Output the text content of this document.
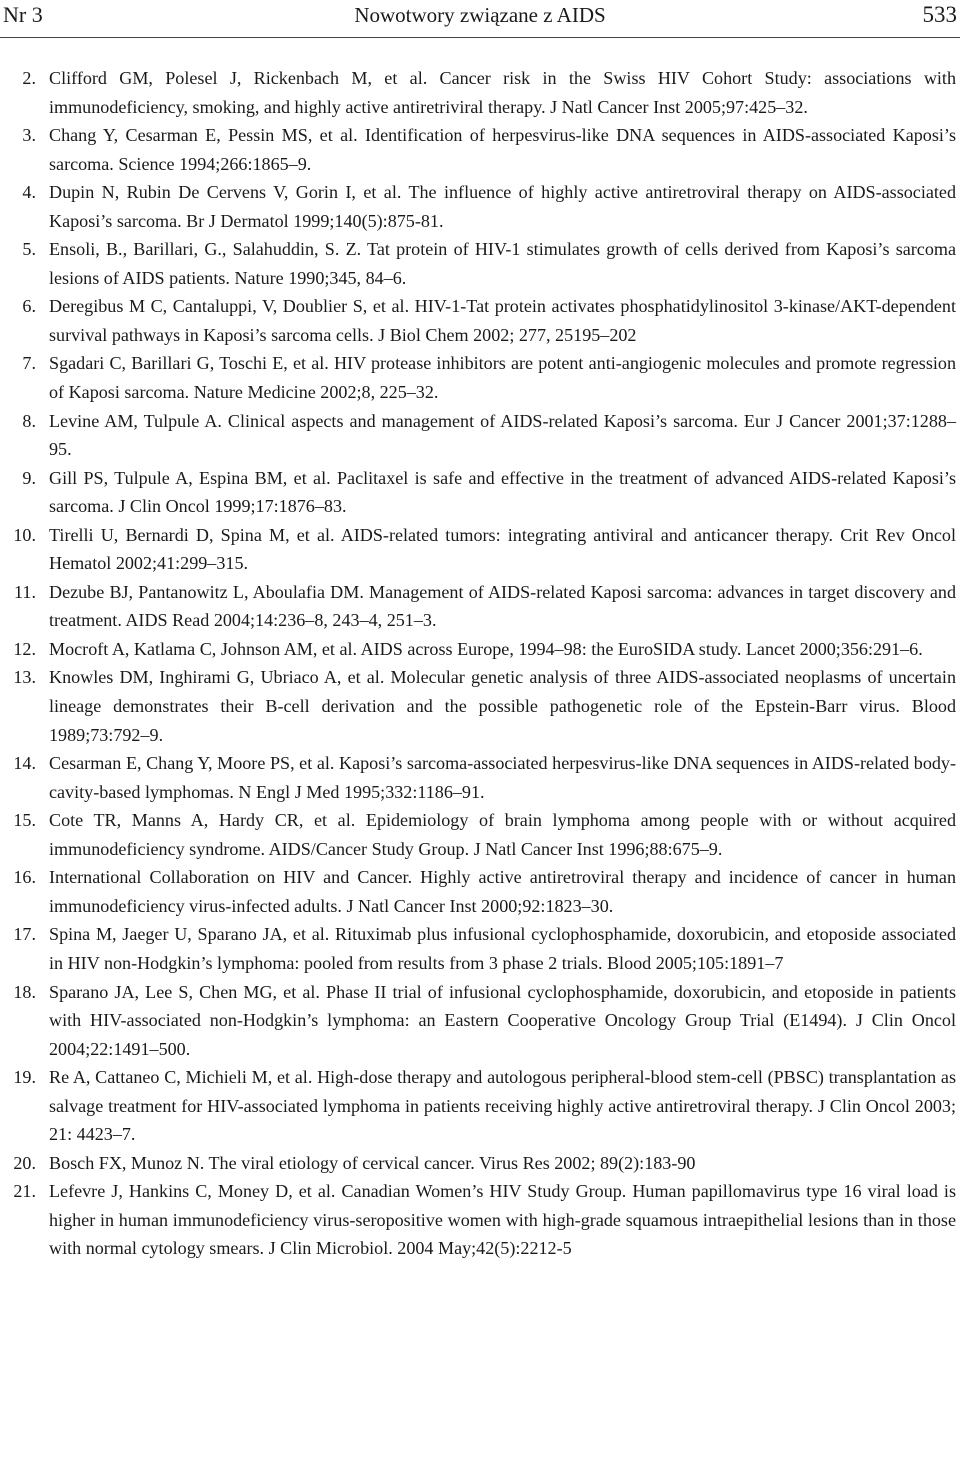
Nr 3	Nowotwory związane z AIDS	533
2. Clifford GM, Polesel J, Rickenbach M, et al. Cancer risk in the Swiss HIV Cohort Study: associations with immunodeficiency, smoking, and highly active antiretriviral therapy. J Natl Cancer Inst 2005;97:425–32.
3. Chang Y, Cesarman E, Pessin MS, et al. Identification of herpesvirus-like DNA sequences in AIDS-associated Kaposi’s sarcoma. Science 1994;266:1865–9.
4. Dupin N, Rubin De Cervens V, Gorin I, et al. The influence of highly active antiretroviral therapy on AIDS-associated Kaposi’s sarcoma. Br J Dermatol 1999;140(5):875-81.
5. Ensoli, B., Barillari, G., Salahuddin, S. Z. Tat protein of HIV-1 stimulates growth of cells derived from Kaposi’s sarcoma lesions of AIDS patients. Nature 1990;345, 84–6.
6. Deregibus M C, Cantaluppi, V, Doublier S, et al. HIV-1-Tat protein activates phosphatidylinositol 3-kinase/AKT-dependent survival pathways in Kaposi’s sarcoma cells. J Biol Chem 2002; 277, 25195–202
7. Sgadari C, Barillari G, Toschi E, et al. HIV protease inhibitors are potent anti-angiogenic molecules and promote regression of Kaposi sarcoma. Nature Medicine 2002;8, 225–32.
8. Levine AM, Tulpule A. Clinical aspects and management of AIDS-related Kaposi’s sarcoma. Eur J Cancer 2001;37:1288–95.
9. Gill PS, Tulpule A, Espina BM, et al. Paclitaxel is safe and effective in the treatment of advanced AIDS-related Kaposi’s sarcoma. J Clin Oncol 1999;17:1876–83.
10. Tirelli U, Bernardi D, Spina M, et al. AIDS-related tumors: integrating antiviral and anticancer therapy. Crit Rev Oncol Hematol 2002;41:299–315.
11. Dezube BJ, Pantanowitz L, Aboulafia DM. Management of AIDS-related Kaposi sarcoma: advances in target discovery and treatment. AIDS Read 2004;14:236–8, 243–4, 251–3.
12. Mocroft A, Katlama C, Johnson AM, et al. AIDS across Europe, 1994–98: the EuroSIDA study. Lancet 2000;356:291–6.
13. Knowles DM, Inghirami G, Ubriaco A, et al. Molecular genetic analysis of three AIDS-associated neoplasms of uncertain lineage demonstrates their B-cell derivation and the possible pathogenetic role of the Epstein-Barr virus. Blood 1989;73:792–9.
14. Cesarman E, Chang Y, Moore PS, et al. Kaposi’s sarcoma-associated herpesvirus-like DNA sequences in AIDS-related body-cavity-based lymphomas. N Engl J Med 1995;332:1186–91.
15. Cote TR, Manns A, Hardy CR, et al. Epidemiology of brain lymphoma among people with or without acquired immunodeficiency syndrome. AIDS/Cancer Study Group. J Natl Cancer Inst 1996;88:675–9.
16. International Collaboration on HIV and Cancer. Highly active antiretroviral therapy and incidence of cancer in human immunodeficiency virus-infected adults. J Natl Cancer Inst 2000;92:1823–30.
17. Spina M, Jaeger U, Sparano JA, et al. Rituximab plus infusional cyclophosphamide, doxorubicin, and etoposide associated in HIV non-Hodgkin’s lymphoma: pooled from results from 3 phase 2 trials. Blood 2005;105:1891–7
18. Sparano JA, Lee S, Chen MG, et al. Phase II trial of infusional cyclophosphamide, doxorubicin, and etoposide in patients with HIV-associated non-Hodgkin’s lymphoma: an Eastern Cooperative Oncology Group Trial (E1494). J Clin Oncol 2004;22:1491–500.
19. Re A, Cattaneo C, Michieli M, et al. High-dose therapy and autologous peripheral-blood stem-cell (PBSC) transplantation as salvage treatment for HIV-associated lymphoma in patients receiving highly active antiretroviral therapy. J Clin Oncol 2003; 21: 4423–7.
20. Bosch FX, Munoz N. The viral etiology of cervical cancer. Virus Res 2002; 89(2):183-90
21. Lefevre J, Hankins C, Money D, et al. Canadian Women’s HIV Study Group. Human papillomavirus type 16 viral load is higher in human immunodeficiency virus-seropositive women with high-grade squamous intraepithelial lesions than in those with normal cytology smears. J Clin Microbiol. 2004 May;42(5):2212-5
